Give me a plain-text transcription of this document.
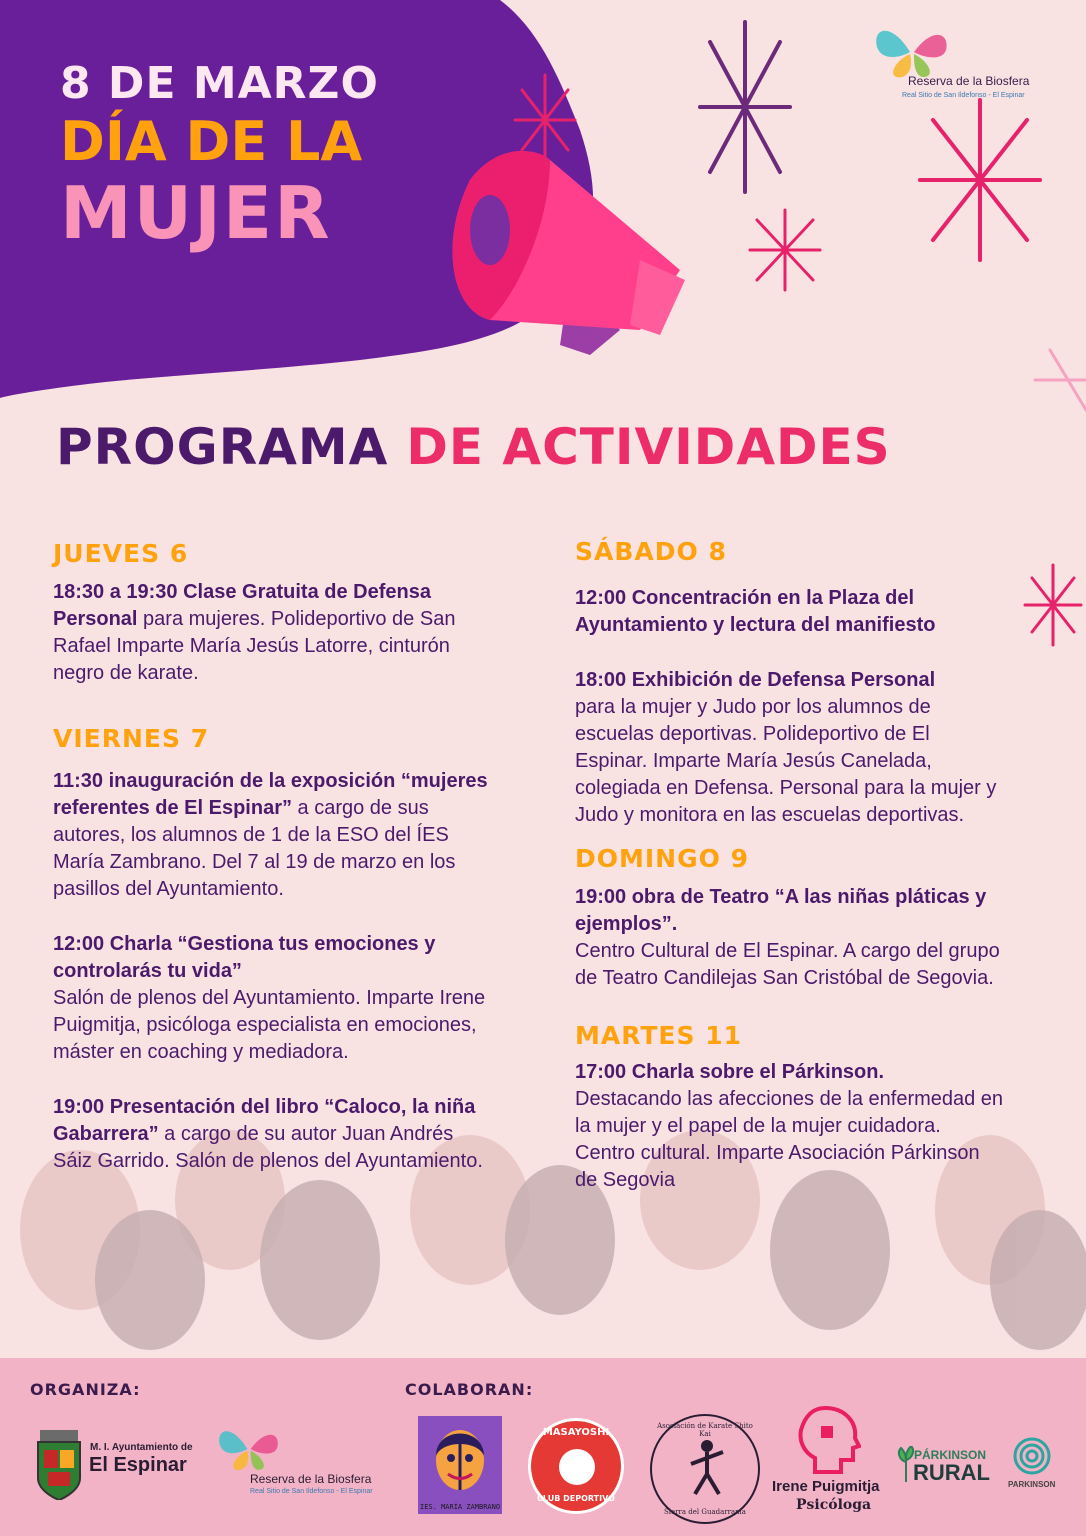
8 DE MARZO
DÍA DE LA
MUJER
Reserva de la Biosfera
Real Sitio de San Ildefonso - El Espinar
PROGRAMA DE ACTIVIDADES
JUEVES 6
18:30 a 19:30 Clase Gratuita de Defensa Personal para mujeres. Polideportivo de San Rafael Imparte María Jesús Latorre, cinturón negro de karate.
VIERNES 7
11:30 inauguración de la exposición “mujeres referentes de El Espinar” a cargo de sus autores, los alumnos de 1 de la ESO del ÍES María Zambrano. Del 7 al 19 de marzo en los pasillos del Ayuntamiento.
12:00 Charla “Gestiona tus emociones y controlarás tu vida”
Salón de plenos del Ayuntamiento. Imparte Irene Puigmitja, psicóloga especialista en emociones, máster en coaching y mediadora.
19:00 Presentación del libro “Caloco, la niña Gabarrera” a cargo de su autor Juan Andrés Sáiz Garrido. Salón de plenos del Ayuntamiento.
SÁBADO 8
12:00 Concentración en la Plaza del Ayuntamiento y lectura del manifiesto
18:00 Exhibición de Defensa Personal
para la mujer y Judo por los alumnos de escuelas deportivas. Polideportivo de El Espinar. Imparte María Jesús Canelada, colegiada en Defensa. Personal para la mujer y Judo y monitora en las escuelas deportivas.
DOMINGO 9
19:00 obra de Teatro “A las niñas pláticas y ejemplos”.
Centro Cultural de El Espinar. A cargo del grupo de Teatro Candilejas San Cristóbal de Segovia.
MARTES 11
17:00 Charla sobre el Párkinson.
Destacando las afecciones de la enfermedad en la mujer y el papel de la mujer cuidadora. Centro cultural. Imparte Asociación Párkinson de Segovia
ORGANIZA:	COLABORAN:
M. I. Ayuntamiento de
El Espinar
Reserva de la Biosfera
Real Sitio de San Ildefonso - El Espinar
IES. MARÍA ZAMBRANO
MASAYOSHI
CLUB DEPORTIVO
Asociación de Karate Shito Kai
Sierra del Guadarrama
Irene Puigmitja
Psicóloga
PÁRKINSON
RURAL PARKINSON
